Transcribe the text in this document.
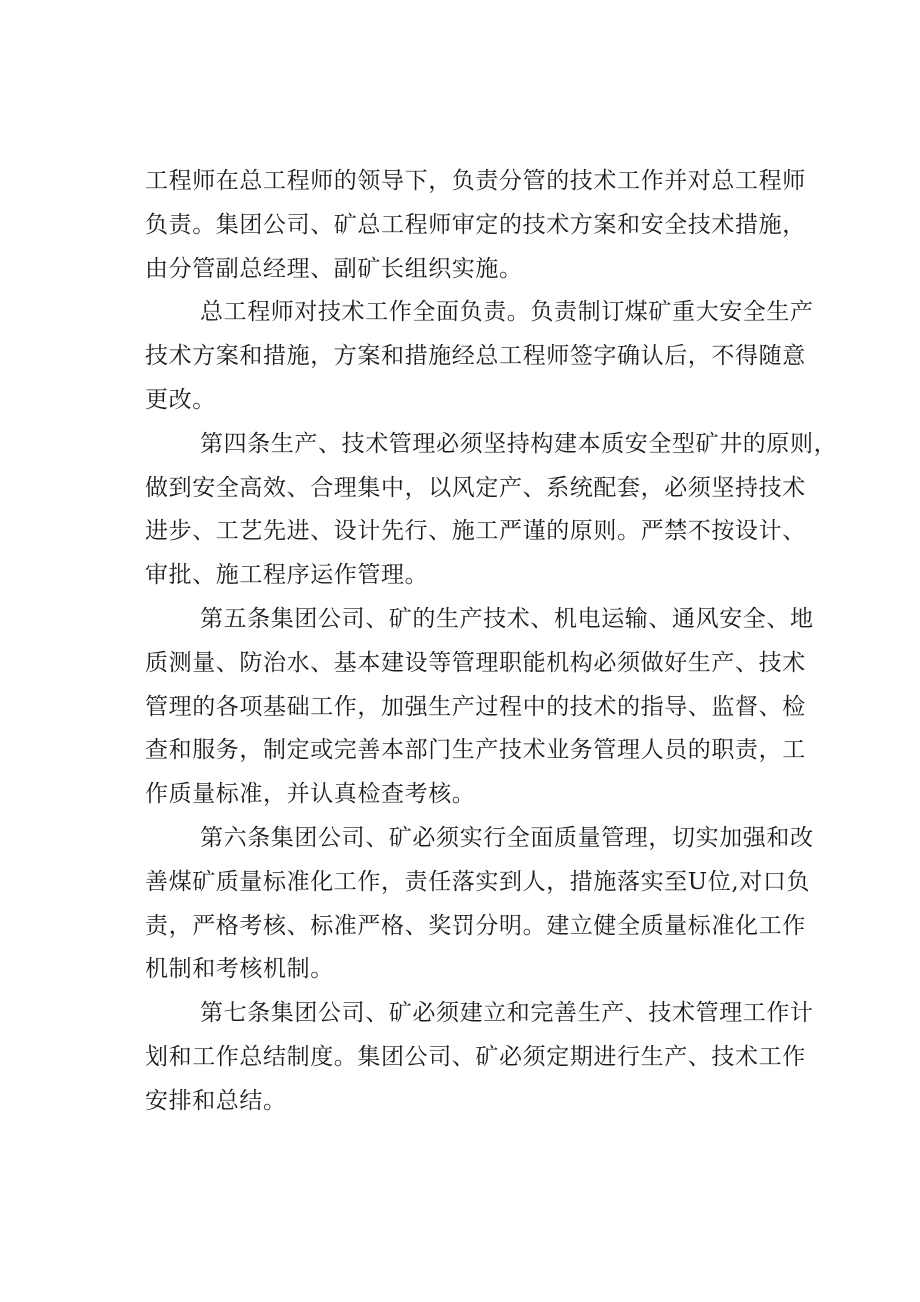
工程师在总工程师的领导下，负责分管的技术工作并对总工程师
负责。集团公司、矿总工程师审定的技术方案和安全技术措施，
由分管副总经理、副矿长组织实施。

总工程师对技术工作全面负责。负责制订煤矿重大安全生产
技术方案和措施，方案和措施经总工程师签字确认后，不得随意
更改。

第四条生产、技术管理必须坚持构建本质安全型矿井的原则，
做到安全高效、合理集中，以风定产、系统配套，必须坚持技术
进步、工艺先进、设计先行、施工严谨的原则。严禁不按设计、
审批、施工程序运作管理。

第五条集团公司、矿的生产技术、机电运输、通风安全、地
质测量、防治水、基本建设等管理职能机构必须做好生产、技术
管理的各项基础工作，加强生产过程中的技术的指导、监督、检
查和服务，制定或完善本部门生产技术业务管理人员的职责，工
作质量标准，并认真检查考核。

第六条集团公司、矿必须实行全面质量管理，切实加强和改
善煤矿质量标准化工作，责任落实到人，措施落实至U位,对口负
责，严格考核、标准严格、奖罚分明。建立健全质量标准化工作
机制和考核机制。

第七条集团公司、矿必须建立和完善生产、技术管理工作计
划和工作总结制度。集团公司、矿必须定期进行生产、技术工作
安排和总结。
